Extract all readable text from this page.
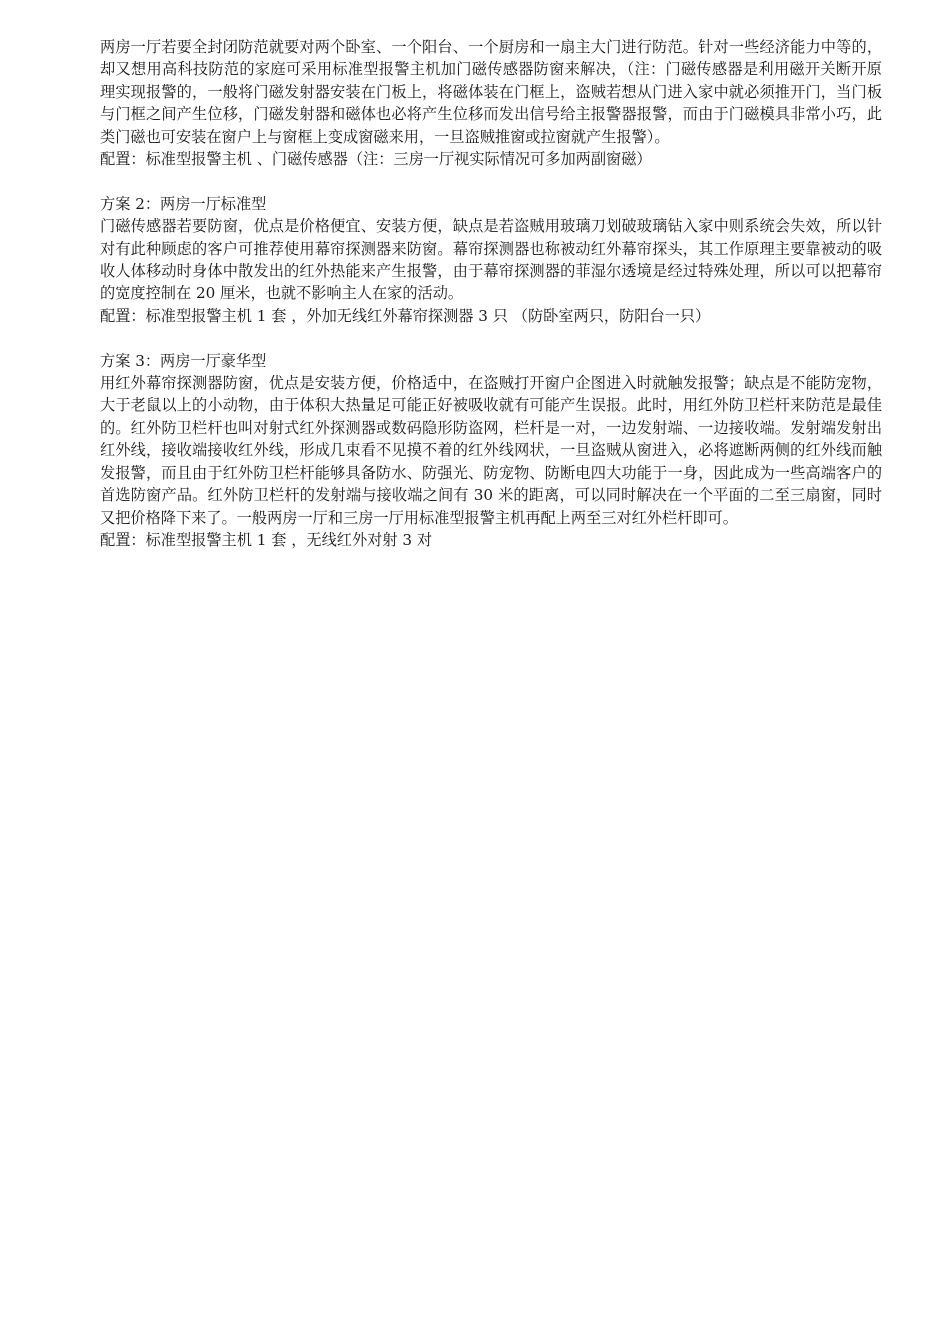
两房一厅若要全封闭防范就要对两个卧室、一个阳台、一个厨房和一扇主大门进行防范。针对一些经济能力中等的，却又想用高科技防范的家庭可采用标准型报警主机加门磁传感器防窗来解决，（注：门磁传感器是利用磁开关断开原理实现报警的，一般将门磁发射器安装在门板上，将磁体装在门框上，盗贼若想从门进入家中就必须推开门，当门板与门框之间产生位移，门磁发射器和磁体也必将产生位移而发出信号给主报警器报警，而由于门磁模具非常小巧，此类门磁也可安装在窗户上与窗框上变成窗磁来用，一旦盗贼推窗或拉窗就产生报警）。

配置：标准型报警主机 、门磁传感器（注：三房一厅视实际情况可多加两副窗磁）

方案 2：两房一厅标准型

门磁传感器若要防窗，优点是价格便宜、安装方便，缺点是若盗贼用玻璃刀划破玻璃钻入家中则系统会失效，所以针对有此种顾虑的客户可推荐使用幕帘探测器来防窗。幕帘探测器也称被动红外幕帘探头，其工作原理主要靠被动的吸收人体移动时身体中散发出的红外热能来产生报警，由于幕帘探测器的菲湿尔透境是经过特殊处理，所以可以把幕帘的宽度控制在 20 厘米，也就不影响主人在家的活动。

配置：标准型报警主机 1 套 ，外加无线红外幕帘探测器 3 只 （防卧室两只，防阳台一只）

方案 3：两房一厅豪华型

用红外幕帘探测器防窗，优点是安装方便，价格适中，在盗贼打开窗户企图进入时就触发报警；缺点是不能防宠物，大于老鼠以上的小动物，由于体积大热量足可能正好被吸收就有可能产生误报。此时，用红外防卫栏杆来防范是最佳的。红外防卫栏杆也叫对射式红外探测器或数码隐形防盗网，栏杆是一对，一边发射端、一边接收端。发射端发射出红外线，接收端接收红外线，形成几束看不见摸不着的红外线网状，一旦盗贼从窗进入，必将遮断两侧的红外线而触发报警，而且由于红外防卫栏杆能够具备防水、防强光、防宠物、防断电四大功能于一身，因此成为一些高端客户的首选防窗产品。红外防卫栏杆的发射端与接收端之间有 30 米的距离，可以同时解决在一个平面的二至三扇窗，同时又把价格降下来了。一般两房一厅和三房一厅用标准型报警主机再配上两至三对红外栏杆即可。

配置：标准型报警主机 1 套 ，无线红外对射 3 对
